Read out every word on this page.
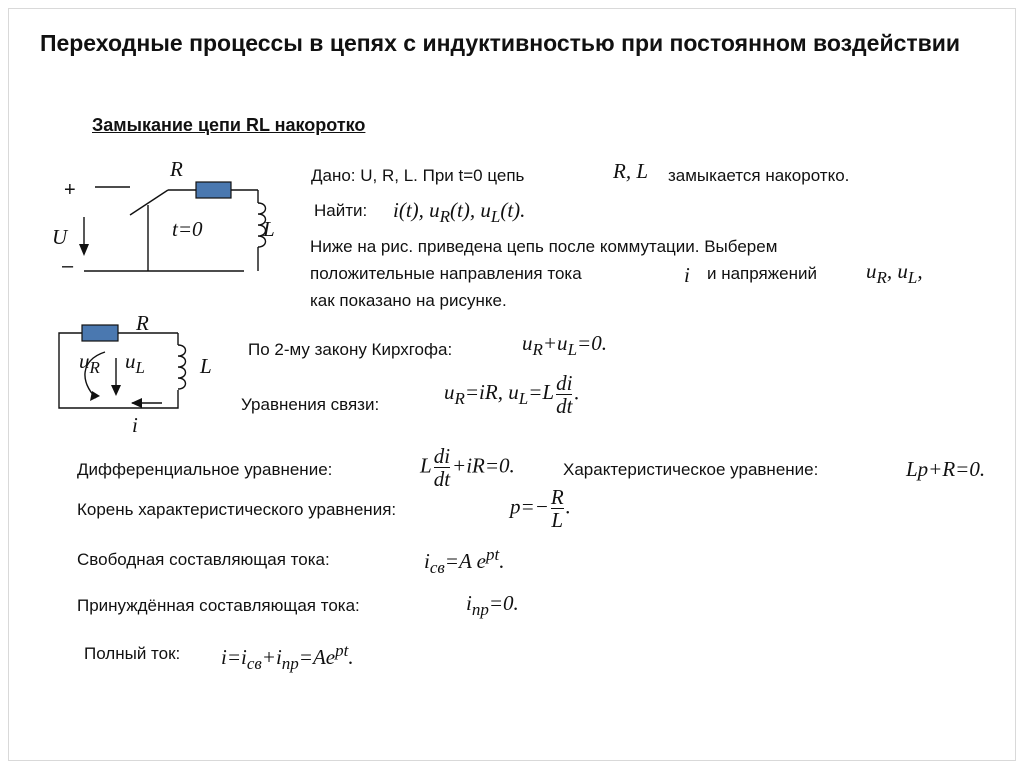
Переходные процессы в цепях с индуктивностью при постоянном воздействии
Замыкание цепи RL накоротко
R
L
U
+
–
t=0
Дано: U, R, L. При t=0 цепь	R, L замыкается накоротко.
Найти: i(t), $u_R(t)$, $u_L(t)$.
Ниже на рис. приведена цепь после коммутации. Выберем
положительные направления тока	i и напряжений $u_R$, $u_L$,
как показано на рисунке.
R
L
$u_R$ $u_L$
i
По 2-му закону Кирхгофа:	$u_R+u_L=0$.
Уравнения связи:
$u_R=iR$, $u_L=L \frac{di}{dt}$ .
Дифференциальное уравнение:	L $\frac{di}{dt} +iR=0$.	Характеристическое уравнение:	Lp+R=0.
Корень характеристического уравнения:	$p=- \frac{R}{L}$ .
Свободная составляющая тока:	$i_{св}=A$ $e^{pt}$.
Принуждённая составляющая тока:	$i_{пр}=0$.
Полный ток: $i=i_{св}+i_{пр}=Ae^{pt}$.
